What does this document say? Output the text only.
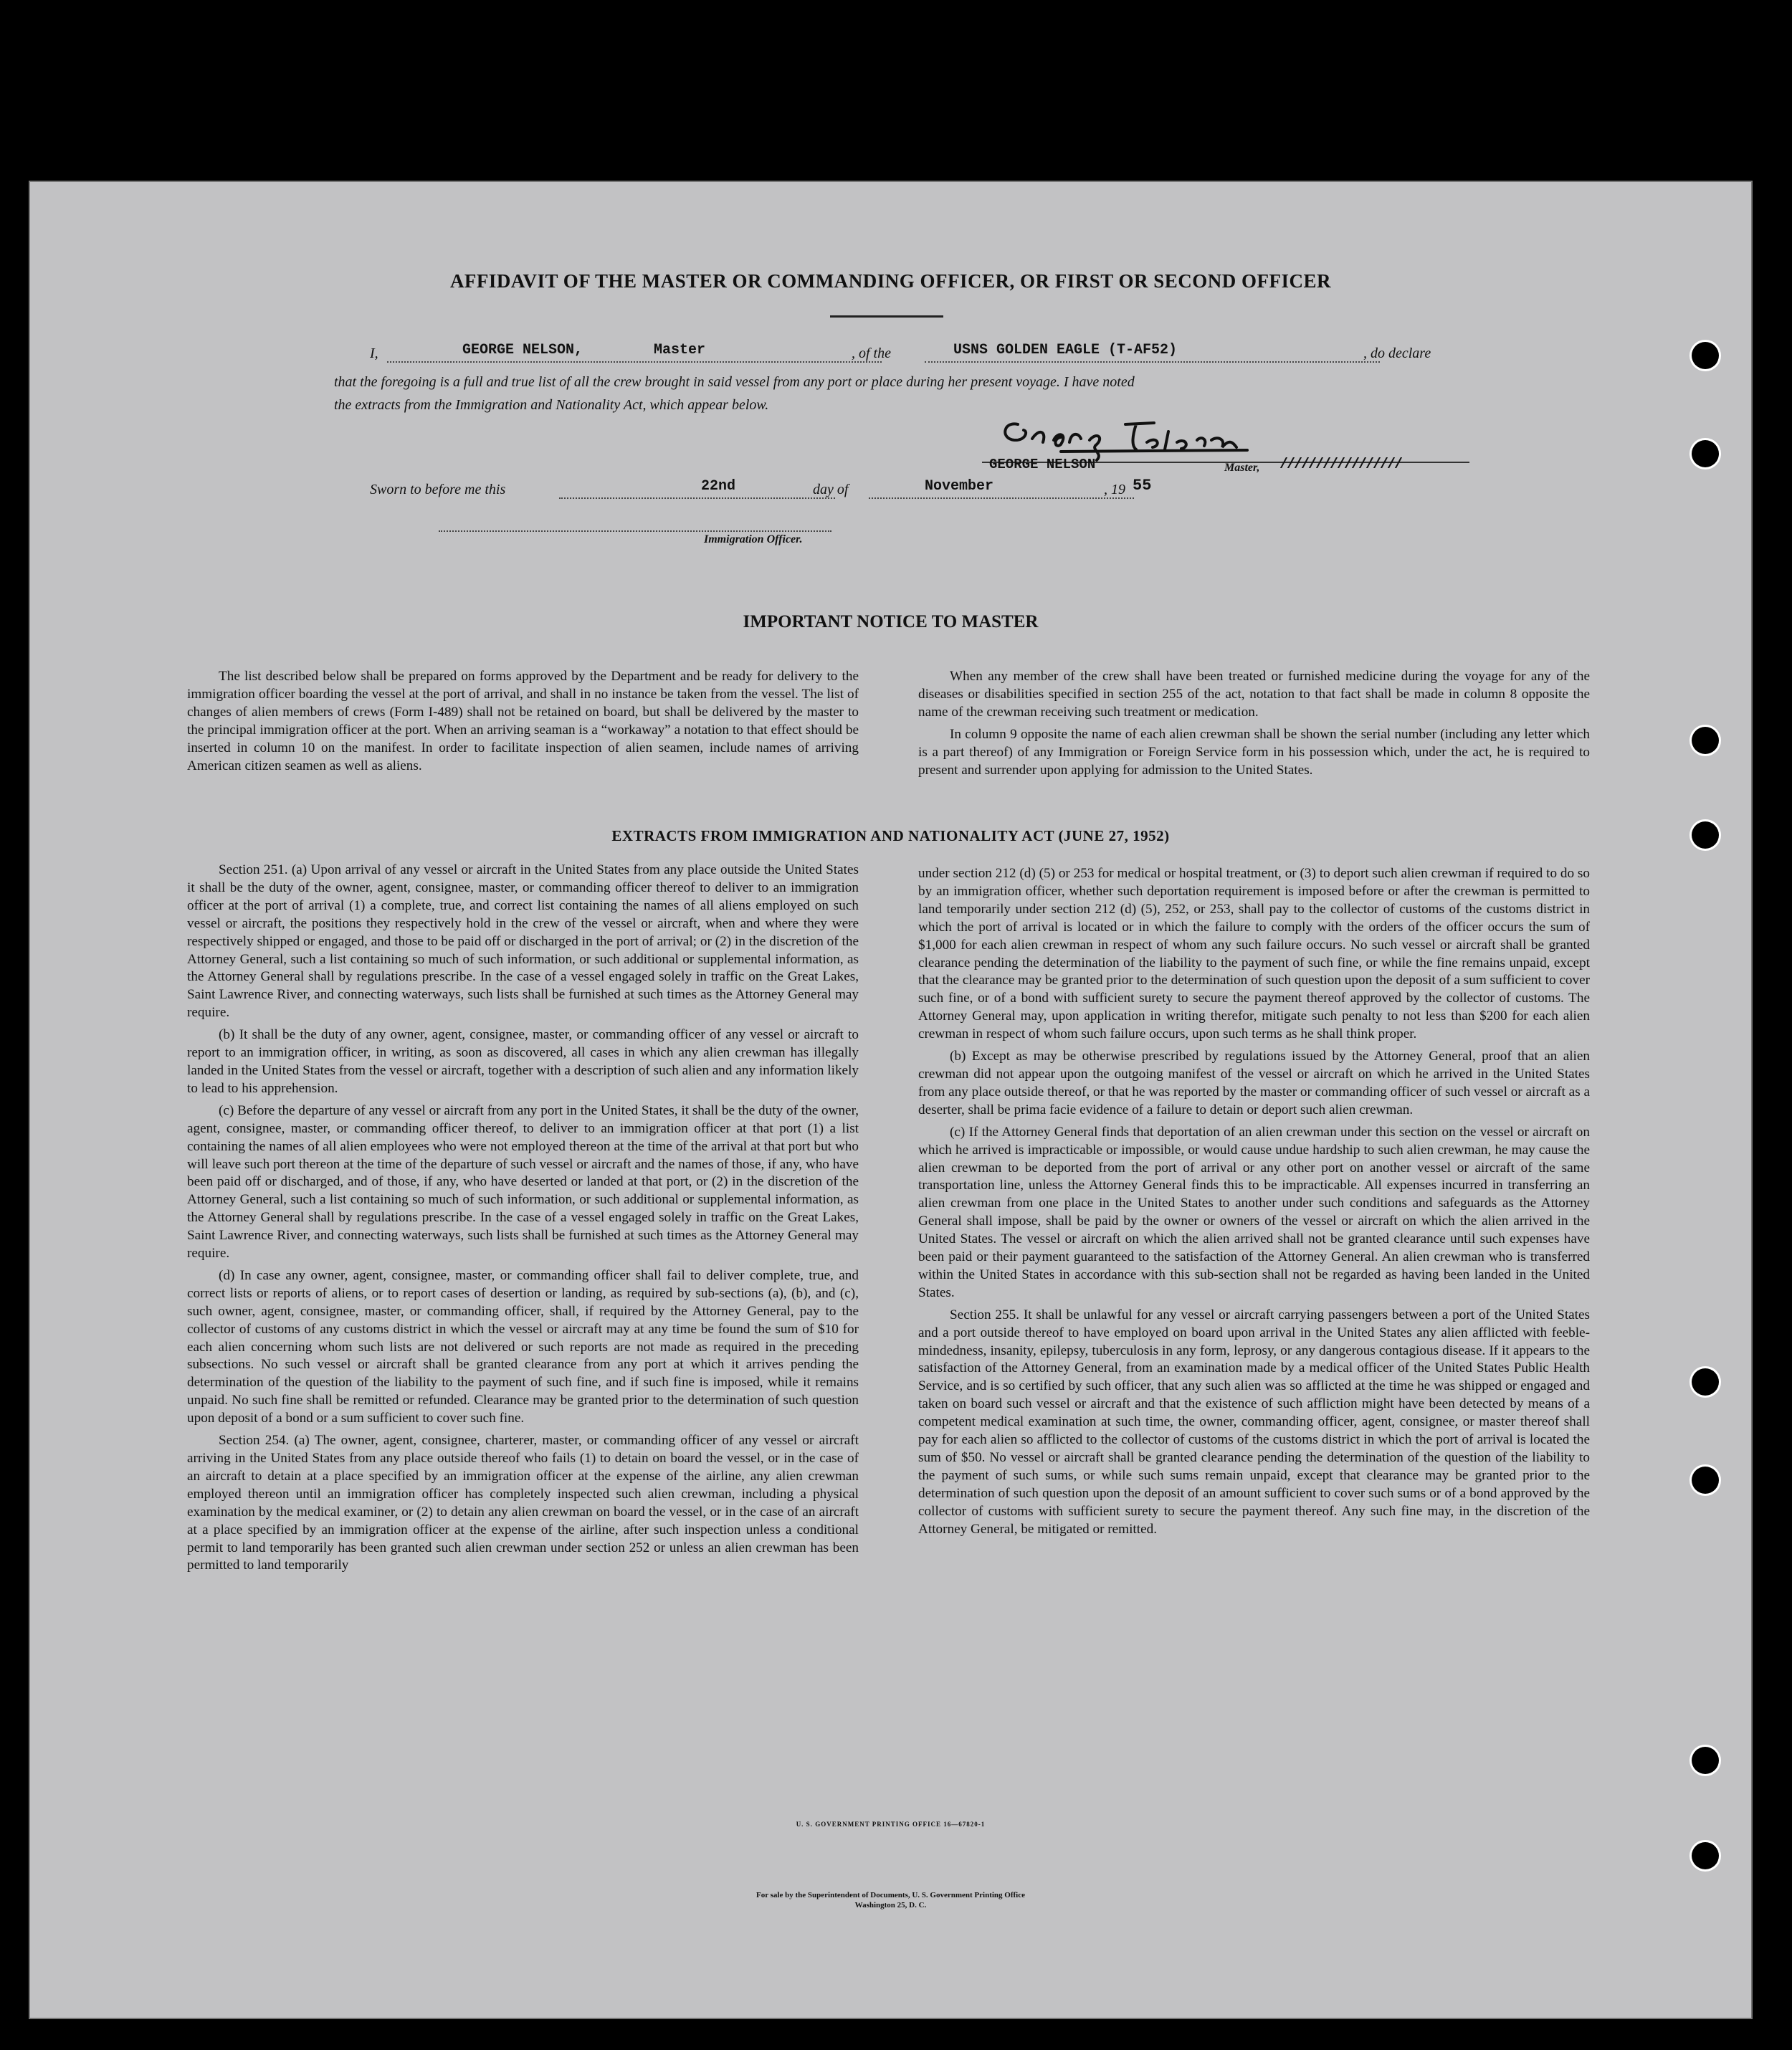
AFFIDAVIT OF THE MASTER OR COMMANDING OFFICER, OR FIRST OR SECOND OFFICER
I,	GEORGE NELSON,	Master	, of the	USNS GOLDEN EAGLE (T-AF52)	, do declare
that the foregoing is a full and true list of all the crew brought in said vessel from any port or place during her present voyage. I have noted
the extracts from the Immigration and Nationality Act, which appear below.
GEORGE NELSON	Master, /////////////////
Sworn to before me this	22nd	day of	November	, 19 55
Immigration Officer.
IMPORTANT NOTICE TO MASTER

The list described below shall be prepared on forms approved by the Department and be ready for delivery to the immigration officer boarding the vessel at the port of arrival, and shall in no instance be taken from the vessel. The list of changes of alien members of crews (Form I-489) shall not be retained on board, but shall be delivered by the master to the principal immigration officer at the port. When an arriving seaman is a “workaway” a notation to that effect should be inserted in column 10 on the manifest. In order to facilitate inspection of alien seamen, include names of arriving American citizen seamen as well as aliens.

When any member of the crew shall have been treated or furnished medicine during the voyage for any of the diseases or disabilities specified in section 255 of the act, notation to that fact shall be made in column 8 opposite the name of the crewman receiving such treatment or medication.

In column 9 opposite the name of each alien crewman shall be shown the serial number (including any letter which is a part thereof) of any Immigration or Foreign Service form in his possession which, under the act, he is required to present and surrender upon applying for admission to the United States.

EXTRACTS FROM IMMIGRATION AND NATIONALITY ACT (JUNE 27, 1952)

Section 251. (a) Upon arrival of any vessel or aircraft in the United States from any place outside the United States it shall be the duty of the owner, agent, consignee, master, or commanding officer thereof to deliver to an immigration officer at the port of arrival (1) a complete, true, and correct list containing the names of all aliens employed on such vessel or aircraft, the positions they respectively hold in the crew of the vessel or aircraft, when and where they were respectively shipped or engaged, and those to be paid off or discharged in the port of arrival; or (2) in the discretion of the Attorney General, such a list containing so much of such information, or such additional or supplemental information, as the Attorney General shall by regulations prescribe. In the case of a vessel engaged solely in traffic on the Great Lakes, Saint Lawrence River, and connecting waterways, such lists shall be furnished at such times as the Attorney General may require.

(b) It shall be the duty of any owner, agent, consignee, master, or commanding officer of any vessel or aircraft to report to an immigration officer, in writing, as soon as discovered, all cases in which any alien crewman has illegally landed in the United States from the vessel or aircraft, together with a description of such alien and any information likely to lead to his apprehension.

(c) Before the departure of any vessel or aircraft from any port in the United States, it shall be the duty of the owner, agent, consignee, master, or commanding officer thereof, to deliver to an immigration officer at that port (1) a list containing the names of all alien employees who were not employed thereon at the time of the arrival at that port but who will leave such port thereon at the time of the departure of such vessel or aircraft and the names of those, if any, who have been paid off or discharged, and of those, if any, who have deserted or landed at that port, or (2) in the discretion of the Attorney General, such a list containing so much of such information, or such additional or supplemental information, as the Attorney General shall by regulations prescribe. In the case of a vessel engaged solely in traffic on the Great Lakes, Saint Lawrence River, and connecting waterways, such lists shall be furnished at such times as the Attorney General may require.

(d) In case any owner, agent, consignee, master, or commanding officer shall fail to deliver complete, true, and correct lists or reports of aliens, or to report cases of desertion or landing, as required by sub-sections (a), (b), and (c), such owner, agent, consignee, master, or commanding officer, shall, if required by the Attorney General, pay to the collector of customs of any customs district in which the vessel or aircraft may at any time be found the sum of $10 for each alien concerning whom such lists are not delivered or such reports are not made as required in the preceding subsections. No such vessel or aircraft shall be granted clearance from any port at which it arrives pending the determination of the question of the liability to the payment of such fine, and if such fine is imposed, while it remains unpaid. No such fine shall be remitted or refunded. Clearance may be granted prior to the determination of such question upon deposit of a bond or a sum sufficient to cover such fine.

Section 254. (a) The owner, agent, consignee, charterer, master, or commanding officer of any vessel or aircraft arriving in the United States from any place outside thereof who fails (1) to detain on board the vessel, or in the case of an aircraft to detain at a place specified by an immigration officer at the expense of the airline, any alien crewman employed thereon until an immigration officer has completely inspected such alien crewman, including a physical examination by the medical examiner, or (2) to detain any alien crewman on board the vessel, or in the case of an aircraft at a place specified by an immigration officer at the expense of the airline, after such inspection unless a conditional permit to land temporarily has been granted such alien crewman under section 252 or unless an alien crewman has been permitted to land temporarily

under section 212 (d) (5) or 253 for medical or hospital treatment, or (3) to deport such alien crewman if required to do so by an immigration officer, whether such deportation requirement is imposed before or after the crewman is permitted to land temporarily under section 212 (d) (5), 252, or 253, shall pay to the collector of customs of the customs district in which the port of arrival is located or in which the failure to comply with the orders of the officer occurs the sum of $1,000 for each alien crewman in respect of whom any such failure occurs. No such vessel or aircraft shall be granted clearance pending the determination of the liability to the payment of such fine, or while the fine remains unpaid, except that the clearance may be granted prior to the determination of such question upon the deposit of a sum sufficient to cover such fine, or of a bond with sufficient surety to secure the payment thereof approved by the collector of customs. The Attorney General may, upon application in writing therefor, mitigate such penalty to not less than $200 for each alien crewman in respect of whom such failure occurs, upon such terms as he shall think proper.

(b) Except as may be otherwise prescribed by regulations issued by the Attorney General, proof that an alien crewman did not appear upon the outgoing manifest of the vessel or aircraft on which he arrived in the United States from any place outside thereof, or that he was reported by the master or commanding officer of such vessel or aircraft as a deserter, shall be prima facie evidence of a failure to detain or deport such alien crewman.

(c) If the Attorney General finds that deportation of an alien crewman under this section on the vessel or aircraft on which he arrived is impracticable or impossible, or would cause undue hardship to such alien crewman, he may cause the alien crewman to be deported from the port of arrival or any other port on another vessel or aircraft of the same transportation line, unless the Attorney General finds this to be impracticable. All expenses incurred in transferring an alien crewman from one place in the United States to another under such conditions and safeguards as the Attorney General shall impose, shall be paid by the owner or owners of the vessel or aircraft on which the alien arrived in the United States. The vessel or aircraft on which the alien arrived shall not be granted clearance until such expenses have been paid or their payment guaranteed to the satisfaction of the Attorney General. An alien crewman who is transferred within the United States in accordance with this sub-section shall not be regarded as having been landed in the United States.

Section 255. It shall be unlawful for any vessel or aircraft carrying passengers between a port of the United States and a port outside thereof to have employed on board upon arrival in the United States any alien afflicted with feeble-mindedness, insanity, epilepsy, tuberculosis in any form, leprosy, or any dangerous contagious disease. If it appears to the satisfaction of the Attorney General, from an examination made by a medical officer of the United States Public Health Service, and is so certified by such officer, that any such alien was so afflicted at the time he was shipped or engaged and taken on board such vessel or aircraft and that the existence of such affliction might have been detected by means of a competent medical examination at such time, the owner, commanding officer, agent, consignee, or master thereof shall pay for each alien so afflicted to the collector of customs of the customs district in which the port of arrival is located the sum of $50. No vessel or aircraft shall be granted clearance pending the determination of the question of the liability to the payment of such sums, or while such sums remain unpaid, except that clearance may be granted prior to the determination of such question upon the deposit of an amount sufficient to cover such sums or of a bond approved by the collector of customs with sufficient surety to secure the payment thereof. Any such fine may, in the discretion of the Attorney General, be mitigated or remitted.

U. S. GOVERNMENT PRINTING OFFICE 16—67820-1
For sale by the Superintendent of Documents, U. S. Government Printing Office
Washington 25, D. C.
